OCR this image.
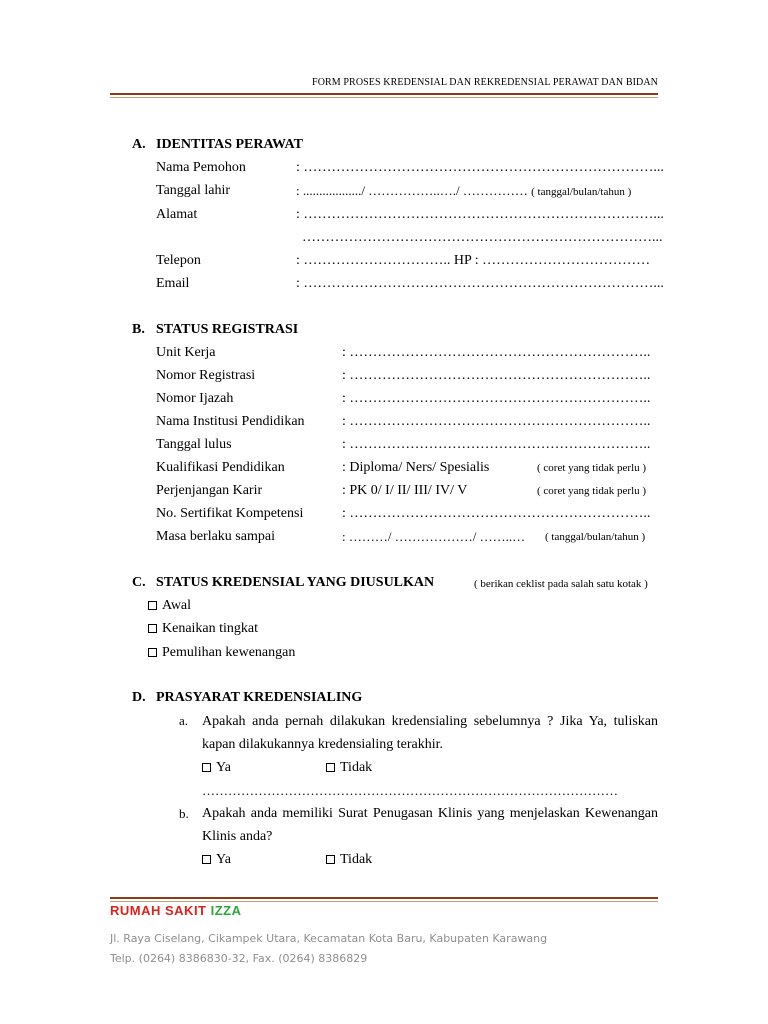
FORM PROSES KREDENSIAL DAN REKREDENSIAL PERAWAT DAN BIDAN
A. IDENTITAS PERAWAT
Nama Pemohon	: …………………………………………………………………...
Tanggal lahir	: ................../ ……………..…./ …………… ( tanggal/bulan/tahun )
Alamat	: …………………………………………………………………...
…………………………………………………………………...
Telepon	: ………………………….. HP : ………………………………
Email	: …………………………………………………………………...
B. STATUS REGISTRASI
Unit Kerja	: ………………………………………………………..
Nomor Registrasi	: ………………………………………………………..
Nomor Ijazah	: ………………………………………………………..
Nama Institusi Pendidikan	: ………………………………………………………..
Tanggal lulus	: ………………………………………………………..
Kualifikasi Pendidikan	: Diploma/ Ners/ Spesialis	( coret yang tidak perlu )
Perjenjangan Karir	: PK 0/ I/ II/ III/ IV/ V	( coret yang tidak perlu )
No. Sertifikat Kompetensi	: ………………………………………………………..
Masa berlaku sampai	: ………/ ………………/ ……..… ( tanggal/bulan/tahun )
C. STATUS KREDENSIAL YANG DIUSULKAN	( berikan ceklist pada salah satu kotak )
Awal
Kenaikan tingkat
Pemulihan kewenangan
D. PRASYARAT KREDENSIALING
a. Apakah anda pernah dilakukan kredensialing sebelumnya ? Jika Ya, tuliskan kapan dilakukannya kredensialing terakhir.
Ya	Tidak
……………………………………………………………………………………
b. Apakah anda memiliki Surat Penugasan Klinis yang menjelaskan Kewenangan Klinis anda?
Ya	Tidak
RUMAH SAKIT IZZA
Jl. Raya Ciselang, Cikampek Utara, Kecamatan Kota Baru, Kabupaten Karawang
Telp. (0264) 8386830-32, Fax. (0264) 8386829
